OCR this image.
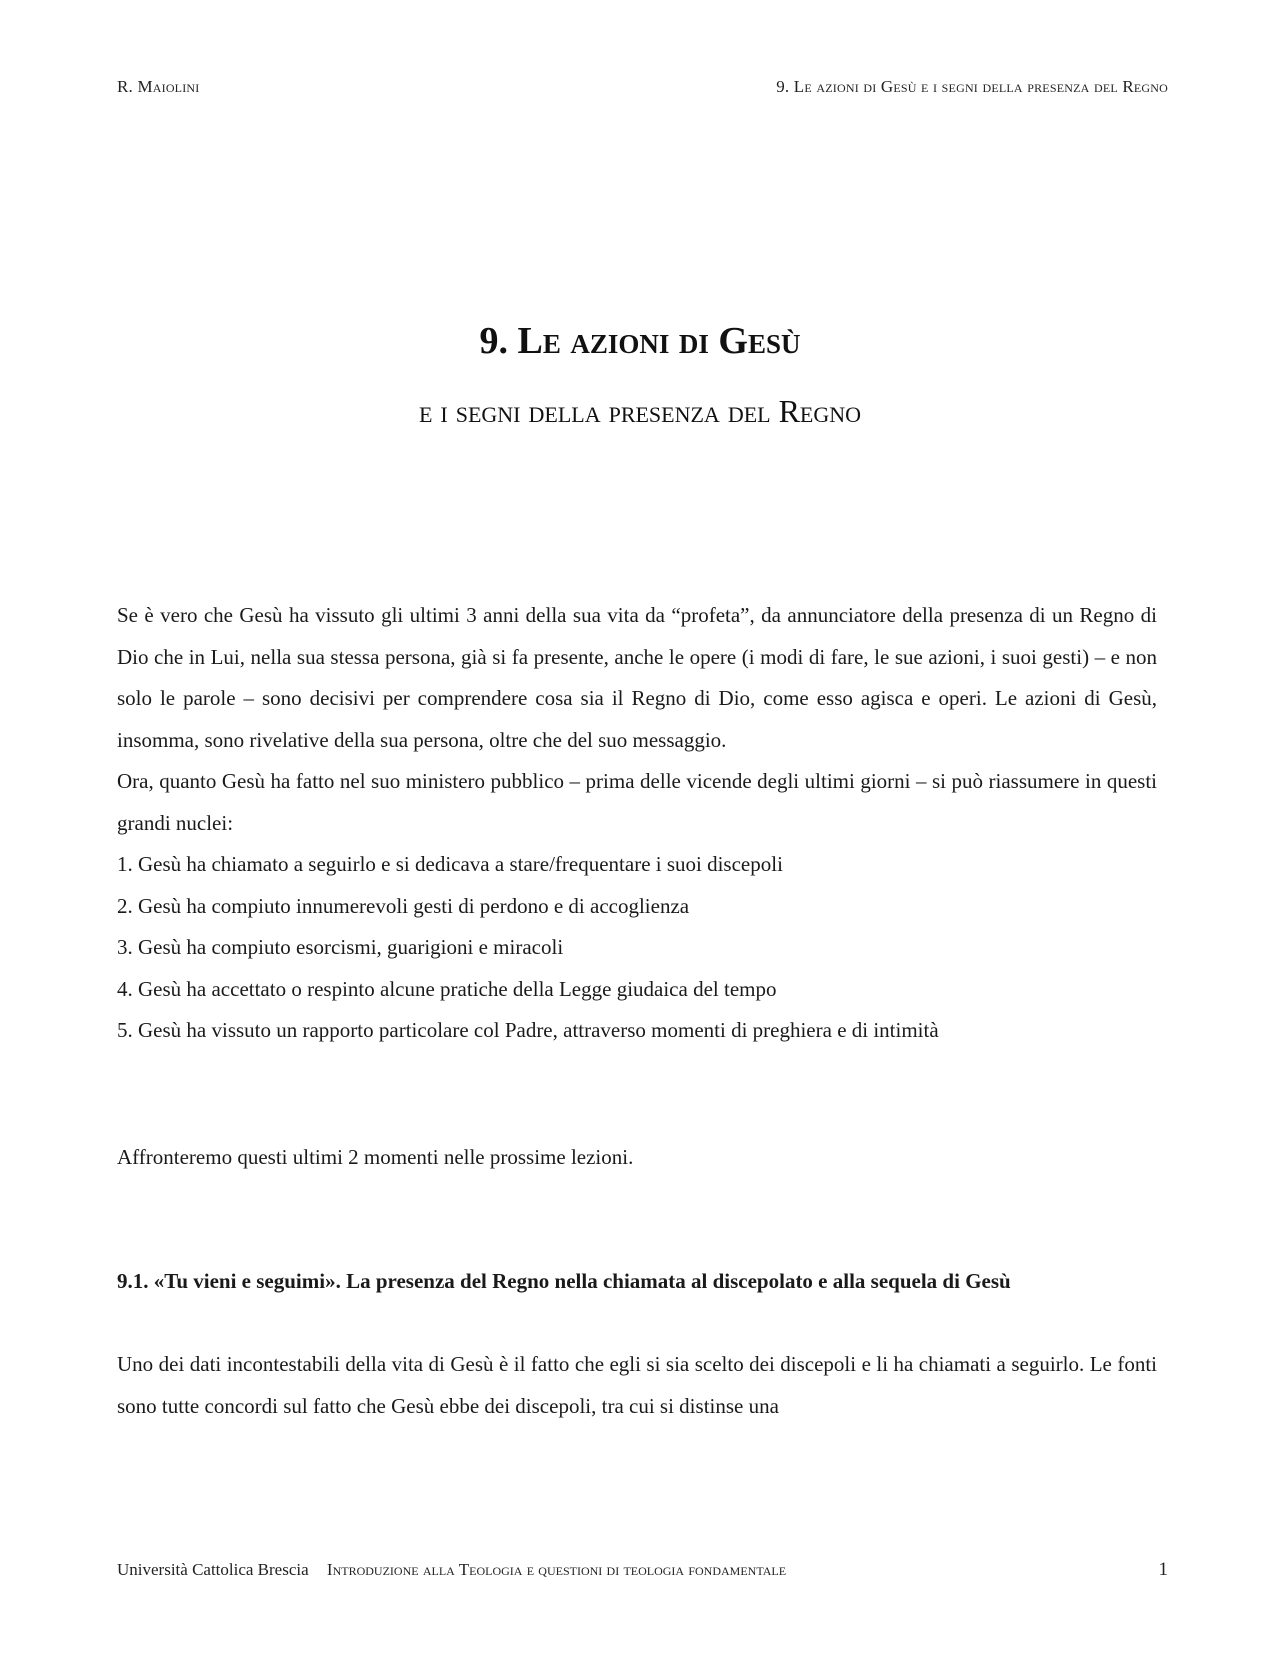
R. Maiolini	9. Le azioni di Gesù e i segni della presenza del Regno
9. Le azioni di Gesù
e i segni della presenza del Regno

Se è vero che Gesù ha vissuto gli ultimi 3 anni della sua vita da “profeta”, da annunciatore della presenza di un Regno di Dio che in Lui, nella sua stessa persona, già si fa presente, anche le opere (i modi di fare, le sue azioni, i suoi gesti) – e non solo le parole – sono decisivi per comprendere cosa sia il Regno di Dio, come esso agisca e operi. Le azioni di Gesù, insomma, sono rivelative della sua persona, oltre che del suo messaggio.

Ora, quanto Gesù ha fatto nel suo ministero pubblico – prima delle vicende degli ultimi giorni – si può riassumere in questi grandi nuclei:

1. Gesù ha chiamato a seguirlo e si dedicava a stare/frequentare i suoi discepoli
2. Gesù ha compiuto innumerevoli gesti di perdono e di accoglienza
3. Gesù ha compiuto esorcismi, guarigioni e miracoli
4. Gesù ha accettato o respinto alcune pratiche della Legge giudaica del tempo
5. Gesù ha vissuto un rapporto particolare col Padre, attraverso momenti di preghiera e di intimità

Affronteremo questi ultimi 2 momenti nelle prossime lezioni.

9.1. «Tu vieni e seguimi». La presenza del Regno nella chiamata al discepolato e alla sequela di Gesù

Uno dei dati incontestabili della vita di Gesù è il fatto che egli si sia scelto dei discepoli e li ha chiamati a seguirlo. Le fonti sono tutte concordi sul fatto che Gesù ebbe dei discepoli, tra cui si distinse una

Università Cattolica Brescia Introduzione alla Teologia e questioni di teologia fondamentale	1
